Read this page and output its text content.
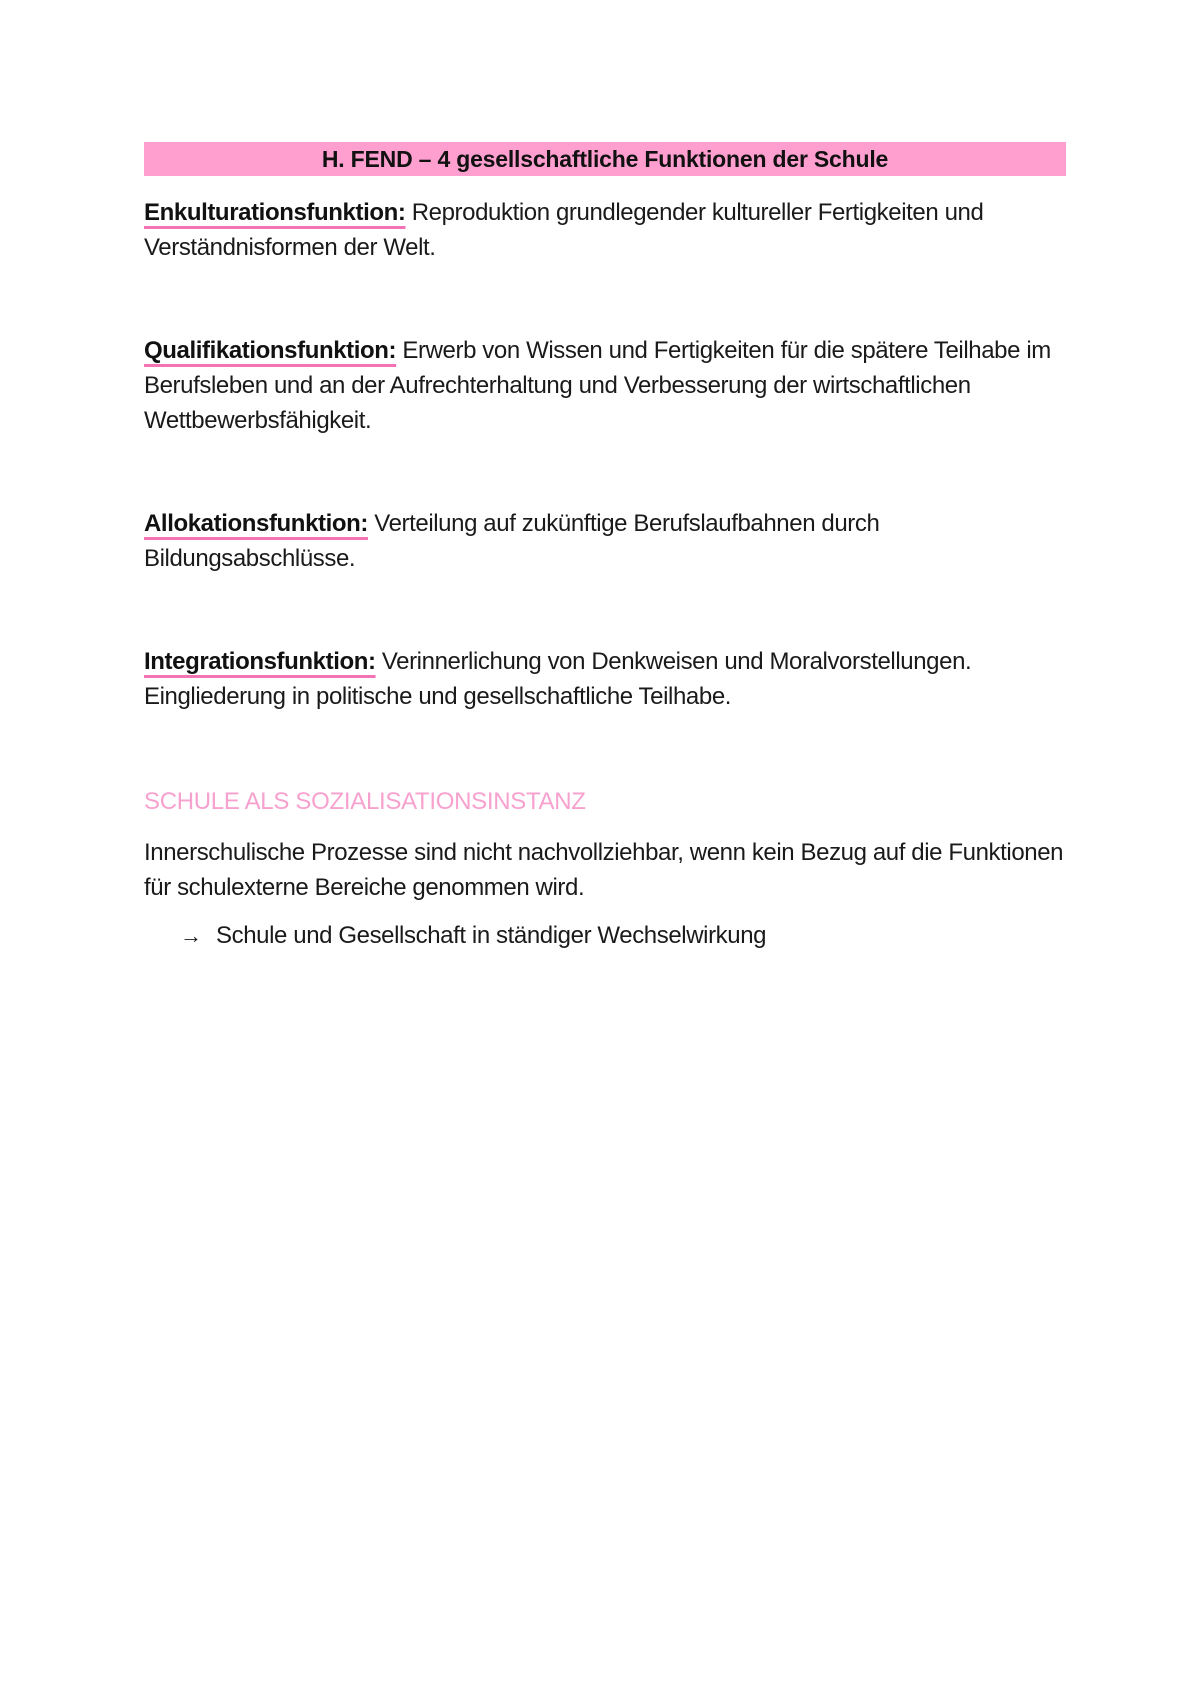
H. FEND – 4 gesellschaftliche Funktionen der Schule
Enkulturationsfunktion: Reproduktion grundlegender kultureller Fertigkeiten und Verständnisformen der Welt.
Qualifikationsfunktion: Erwerb von Wissen und Fertigkeiten für die spätere Teilhabe im Berufsleben und an der Aufrechterhaltung und Verbesserung der wirtschaftlichen Wettbewerbsfähigkeit.
Allokationsfunktion: Verteilung auf zukünftige Berufslaufbahnen durch Bildungsabschlüsse.
Integrationsfunktion: Verinnerlichung von Denkweisen und Moralvorstellungen. Eingliederung in politische und gesellschaftliche Teilhabe.
SCHULE ALS SOZIALISATIONSINSTANZ
Innerschulische Prozesse sind nicht nachvollziehbar, wenn kein Bezug auf die Funktionen für schulexterne Bereiche genommen wird.
→ Schule und Gesellschaft in ständiger Wechselwirkung
